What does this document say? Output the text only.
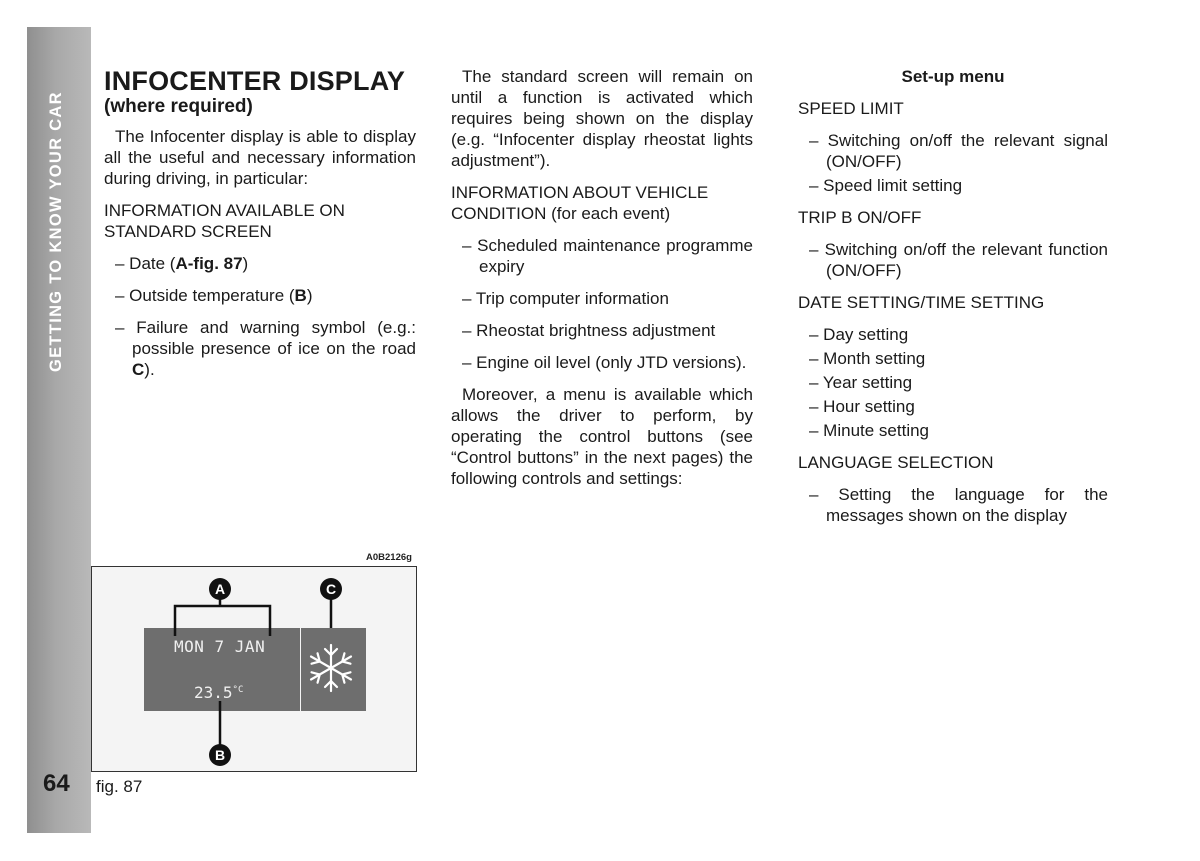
GETTING TO KNOW YOUR CAR
64
INFOCENTER DISPLAY
(where required)

The Infocenter display is able to display all the useful and necessary information during driving, in particular:

INFORMATION AVAILABLE ON STANDARD SCREEN

– Date (A-fig. 87)
– Outside temperature (B)
– Failure and warning symbol (e.g.: possible presence of ice on the road C).

The standard screen will remain on until a function is activated which requires being shown on the display (e.g. “Infocenter display rheostat lights adjustment”).

INFORMATION ABOUT VEHICLE CONDITION (for each event)

– Scheduled maintenance programme expiry
– Trip computer information
– Rheostat brightness adjustment
– Engine oil level (only JTD versions).

Moreover, a menu is available which allows the driver to perform, by operating the control buttons (see “Control buttons” in the next pages) the following controls and settings:

Set-up menu

SPEED LIMIT

– Switching on/off the relevant signal (ON/OFF)
– Speed limit setting

TRIP B ON/OFF

– Switching on/off the relevant function (ON/OFF)

DATE SETTING/TIME SETTING

– Day setting
– Month setting
– Year setting
– Hour setting
– Minute setting

LANGUAGE SELECTION

– Setting the language for the messages shown on the display
A0B2126g
MON 7 JAN
$23.5^{^\circ C}$
A	C
B
fig. 87
